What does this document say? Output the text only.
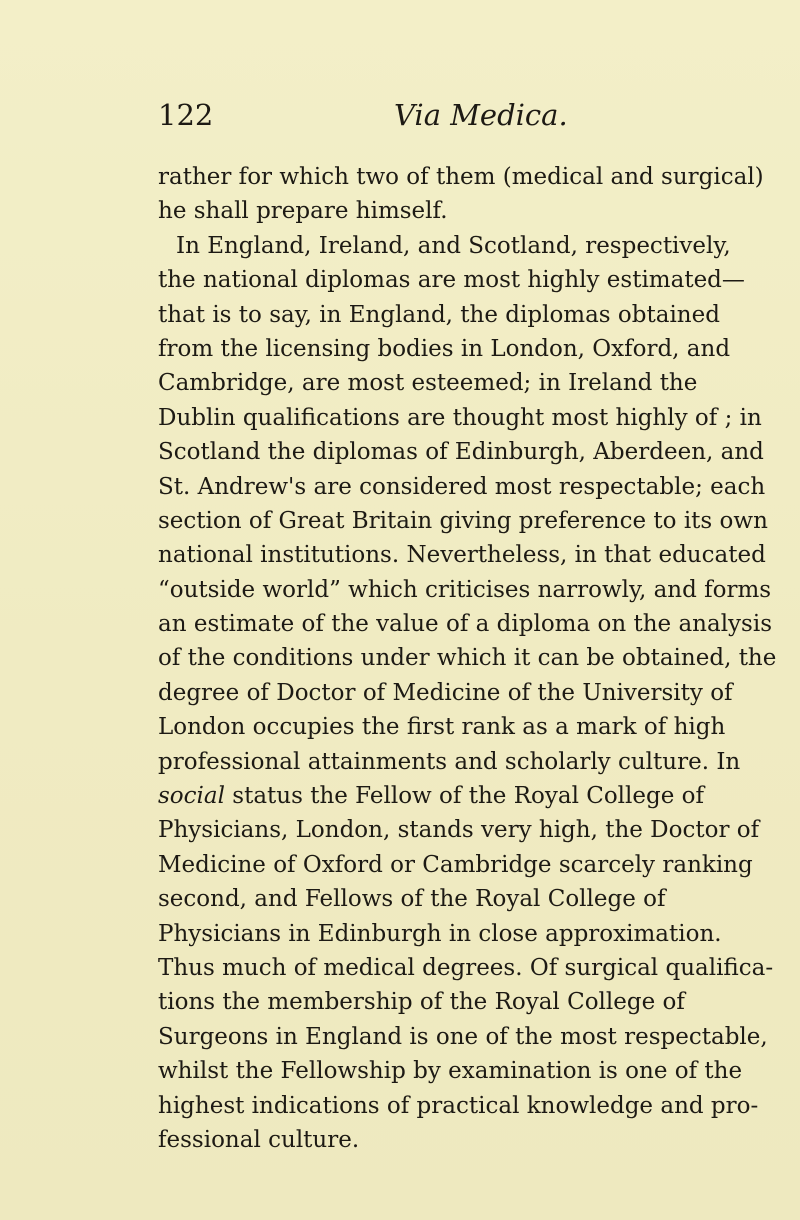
122	Via Medica.
rather for which two of them (medical and surgical)
he shall prepare himself.
In England, Ireland, and Scotland, respectively,
the national diplomas are most highly estimated—
that is to say, in England, the diplomas obtained
from the licensing bodies in London, Oxford, and
Cambridge, are most esteemed; in Ireland the
Dublin qualifications are thought most highly of ; in
Scotland the diplomas of Edinburgh, Aberdeen, and
St. Andrew's are considered most respectable; each
section of Great Britain giving preference to its own
national institutions. Nevertheless, in that educated
“outside world” which criticises narrowly, and forms
an estimate of the value of a diploma on the analysis
of the conditions under which it can be obtained, the
degree of Doctor of Medicine of the University of
London occupies the first rank as a mark of high
professional attainments and scholarly culture. In
social status the Fellow of the Royal College of
Physicians, London, stands very high, the Doctor of
Medicine of Oxford or Cambridge scarcely ranking
second, and Fellows of the Royal College of
Physicians in Edinburgh in close approximation.
Thus much of medical degrees. Of surgical qualifica-
tions the membership of the Royal College of
Surgeons in England is one of the most respectable,
whilst the Fellowship by examination is one of the
highest indications of practical knowledge and pro-
fessional culture.
